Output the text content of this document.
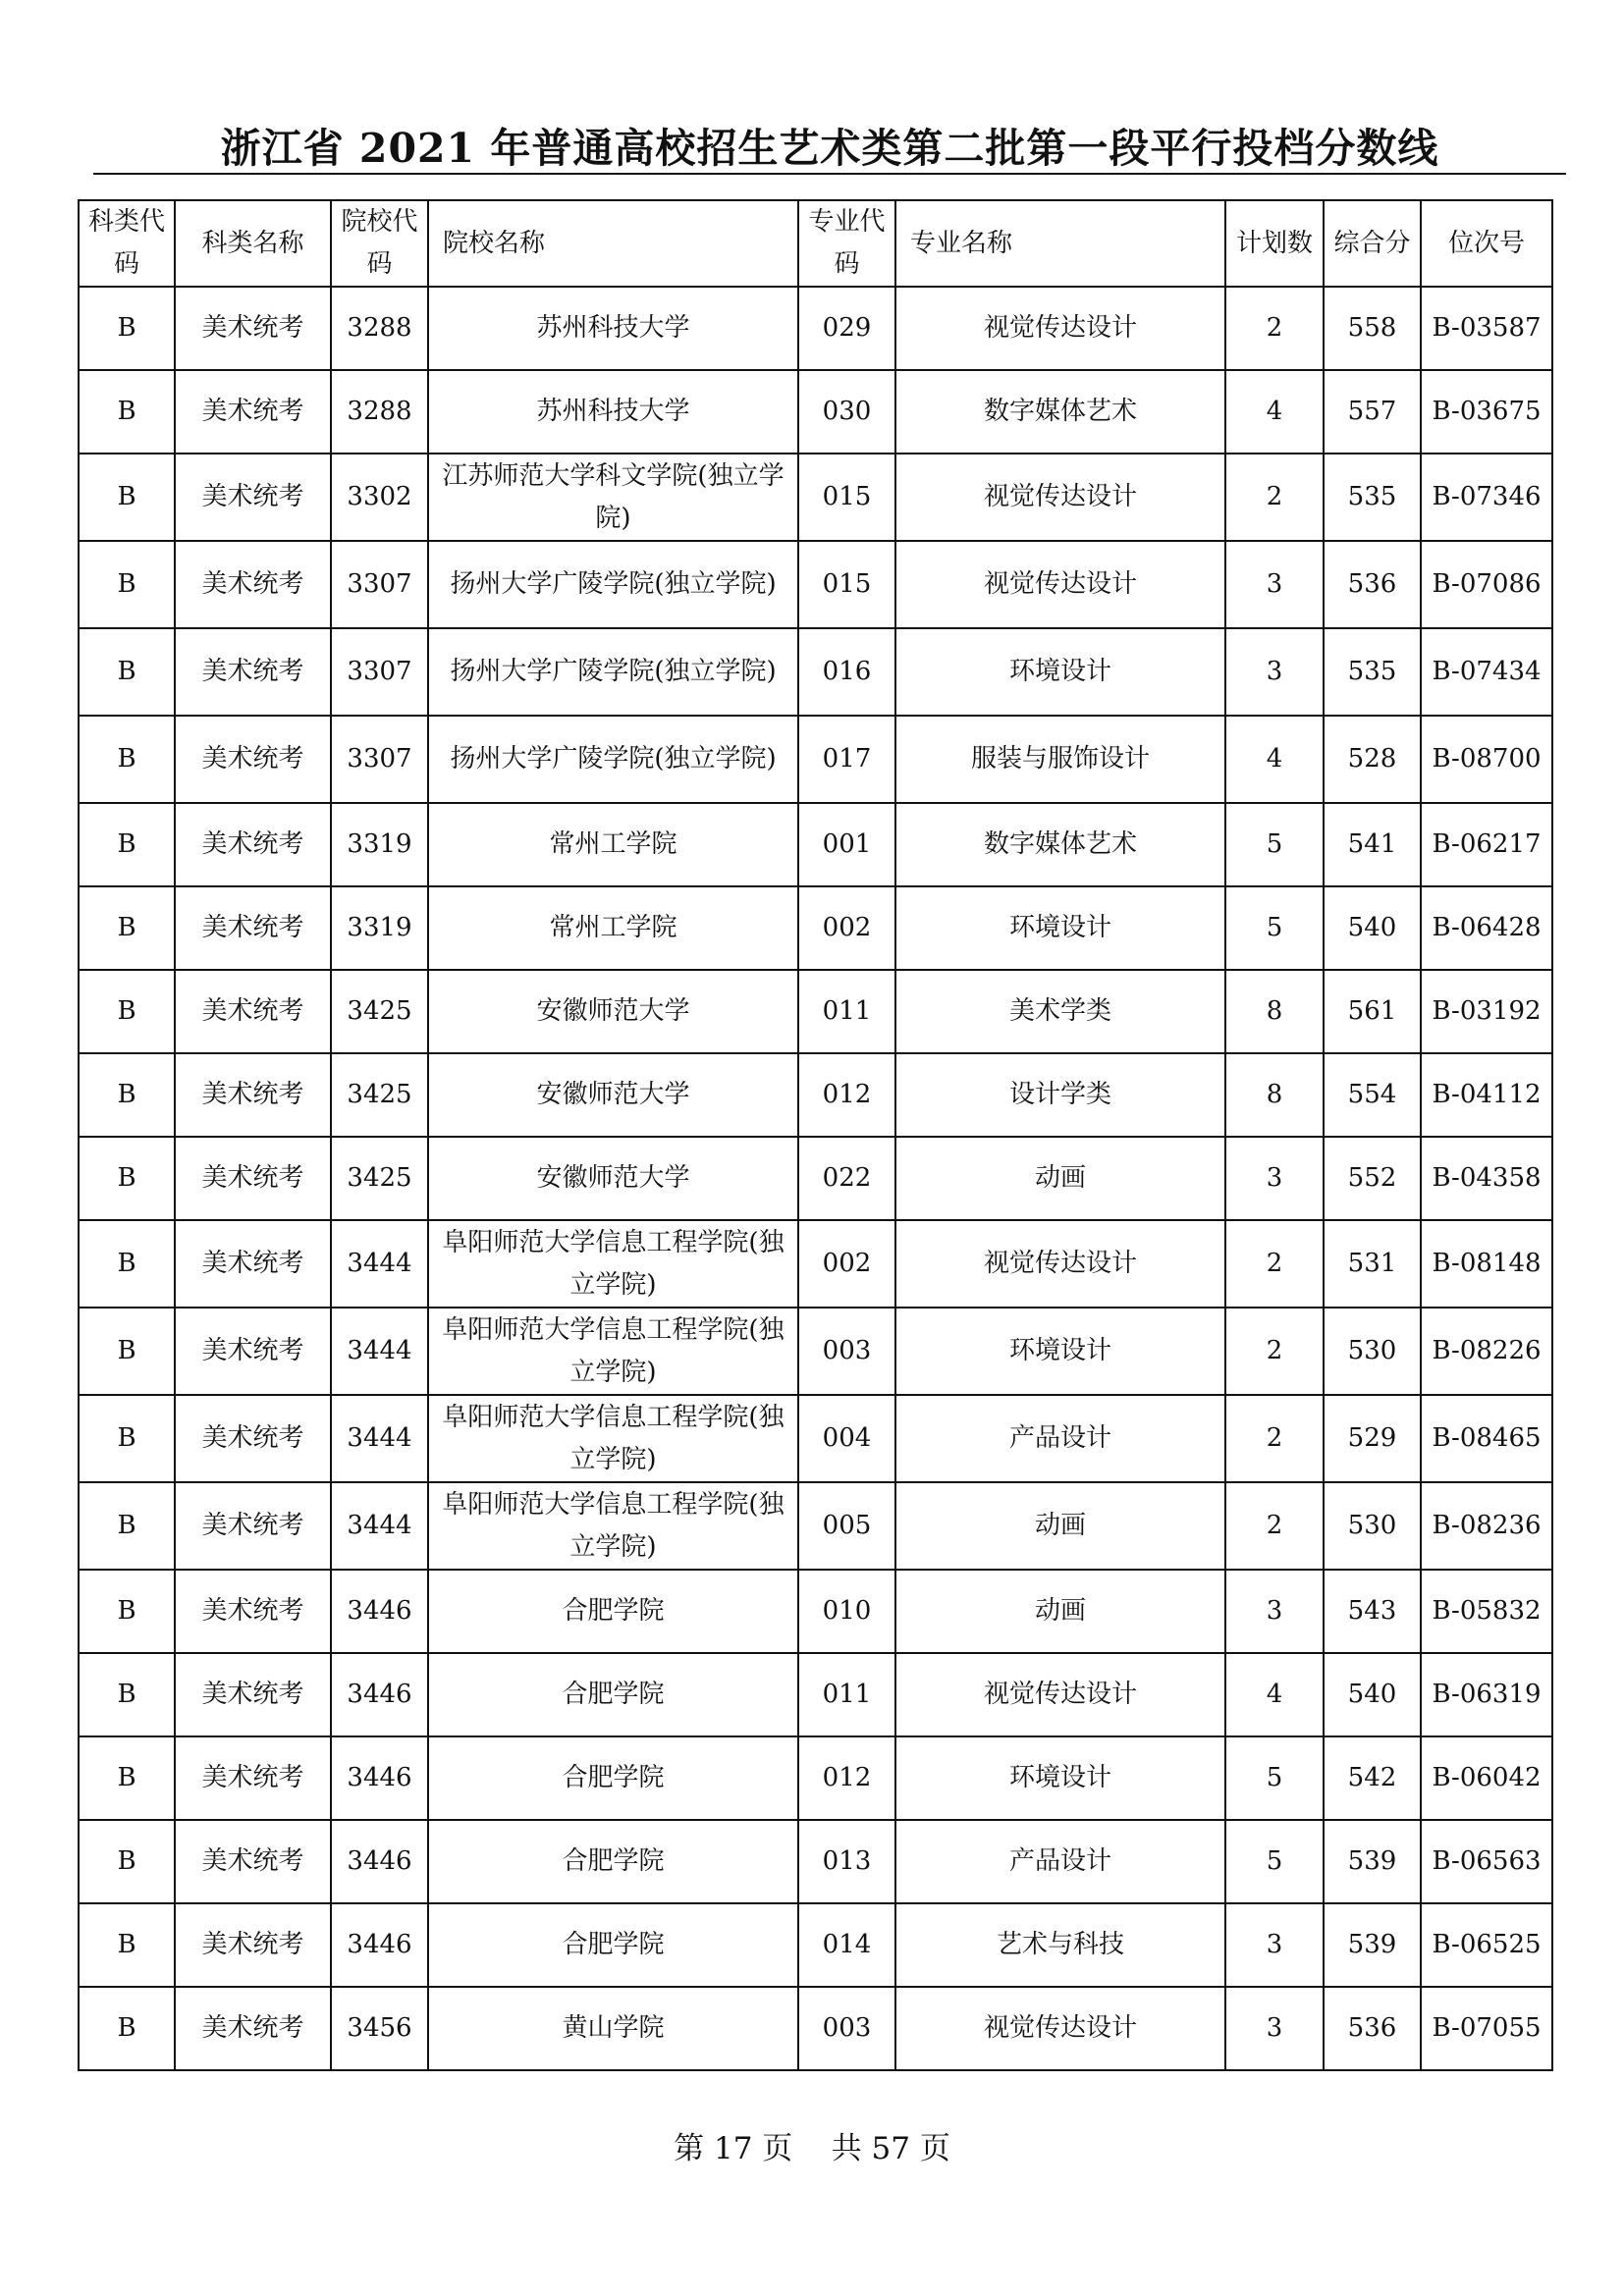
浙江省 2021 年普通高校招生艺术类第二批第一段平行投档分数线
科类代码	科类名称	院校代码	院校名称	专业代码	专业名称	计划数	综合分	位次号
B	美术统考	3288	苏州科技大学	029	视觉传达设计	2	558	B-03587
B	美术统考	3288	苏州科技大学	030	数字媒体艺术	4	557	B-03675
B	美术统考	3302	江苏师范大学科文学院(独立学院)	015	视觉传达设计	2	535	B-07346
B	美术统考	3307	扬州大学广陵学院(独立学院)	015	视觉传达设计	3	536	B-07086
B	美术统考	3307	扬州大学广陵学院(独立学院)	016	环境设计	3	535	B-07434
B	美术统考	3307	扬州大学广陵学院(独立学院)	017	服装与服饰设计	4	528	B-08700
B	美术统考	3319	常州工学院	001	数字媒体艺术	5	541	B-06217
B	美术统考	3319	常州工学院	002	环境设计	5	540	B-06428
B	美术统考	3425	安徽师范大学	011	美术学类	8	561	B-03192
B	美术统考	3425	安徽师范大学	012	设计学类	8	554	B-04112
B	美术统考	3425	安徽师范大学	022	动画	3	552	B-04358
B	美术统考	3444	阜阳师范大学信息工程学院(独立学院)	002	视觉传达设计	2	531	B-08148
B	美术统考	3444	阜阳师范大学信息工程学院(独立学院)	003	环境设计	2	530	B-08226
B	美术统考	3444	阜阳师范大学信息工程学院(独立学院)	004	产品设计	2	529	B-08465
B	美术统考	3444	阜阳师范大学信息工程学院(独立学院)	005	动画	2	530	B-08236
B	美术统考	3446	合肥学院	010	动画	3	543	B-05832
B	美术统考	3446	合肥学院	011	视觉传达设计	4	540	B-06319
B	美术统考	3446	合肥学院	012	环境设计	5	542	B-06042
B	美术统考	3446	合肥学院	013	产品设计	5	539	B-06563
B	美术统考	3446	合肥学院	014	艺术与科技	3	539	B-06525
B	美术统考	3456	黄山学院	003	视觉传达设计	3	536	B-07055
第 17 页    共 57 页
